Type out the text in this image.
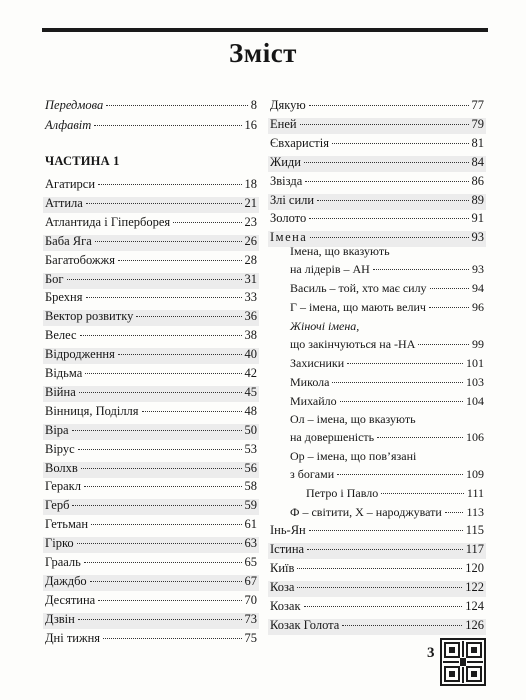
Зміст
Передмова	8
Алфавіт	16
ЧАСТИНА 1
Агатирси	18
Аттила	21
Атлантида і Гіперборея	23
Баба Яга	26
Багатобожжя	28
Бог	31
Брехня	33
Вектор розвитку	36
Велес	38
Відродження	40
Відьма	42
Війна	45
Вінниця, Поділля	48
Віра	50
Вірус	53
Волхв	56
Геракл	58
Герб	59
Гетьман	61
Гірко	63
Грааль	65
Даждбо	67
Десятина	70
Дзвін	73
Дні тижня	75
Дякую	77
Еней	79
Євхаристія	81
Жиди	84
Звізда	86
Злі сили	89
Золото	91
Імена	93
Імена, що вказують
на лідерів – АН	93
Василь – той, хто має силу	94
Г – імена, що мають велич	96
Жіночі імена,
що закінчуються на -НА	99
Захисники	101
Микола	103
Михайло	104
Ол – імена, що вказують
на довершеність	106
Ор – імена, що пов’язані
з богами	109
Петро і Павло	111
Ф – світити, Х – народжувати 113
Інь-Ян	115
Істина	117
Київ	120
Коза	122
Козак	124
Козак Голота	126
3
